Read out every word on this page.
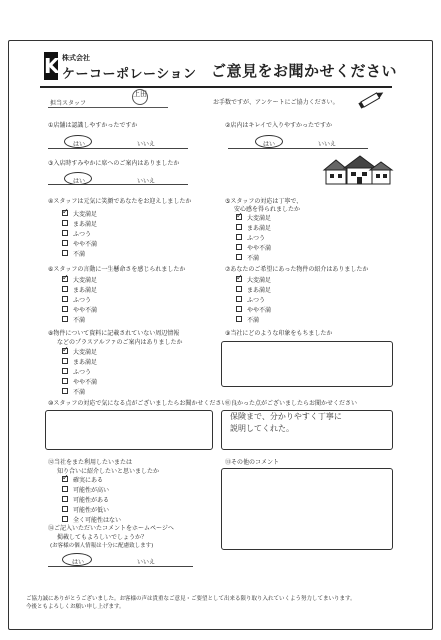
K 株式会社
ケーコーポレーション ご意見をお聞かせください
担当スタッフ
上田
お手数ですが、アンケートにご協力ください。
①店舗は認識しやすかったですか
はい	いいえ
②店内はキレイで入りやすかったですか
はい	いいえ
③入店時すみやかに席へのご案内はありましたか
はい	いいえ
④スタッフは元気に笑顔であなたをお迎えしましたか
✓
大変満足
まあ満足
ふつう
やや不満
不満
⑤スタッフの対応は丁寧で、
安心感を得られましたか
✓
大変満足
まあ満足
ふつう
やや不満
不満
⑥スタッフの言動に一生懸命さを感じられましたか
✓
大変満足
まあ満足
ふつう
やや不満
不満
⑦あなたのご希望にあった物件の紹介はありましたか
✓
大変満足
まあ満足
ふつう
やや不満
不満
⑧物件について資料に記載されていない周辺情報
などのプラスアルファのご案内はありましたか
✓
大変満足
まあ満足
ふつう
やや不満
不満
⑨当社にどのような印象をもちましたか
⑩スタッフの対応で気になる点がございましたらお聞かせください
⑪良かった点がございましたらお聞かせください
保険まで、分かりやすく丁寧に
説明してくれた。
⑫当社をまた利用したいまたは
知り合いに紹介したいと思いましたか
✓
確実にある
可能性が高い
可能性がある
可能性が低い
全く可能性はない
⑬その他のコメント
⑭ご記入いただいたコメントをホームページへ
掲載してもよろしいでしょうか？
(お客様の個人情報は十分に配慮致します)
はい	いいえ
ご協力誠にありがとうございました。お客様の声は貴重なご意見・ご要望として出来る限り取り入れていくよう努力してまいります。
今後ともよろしくお願い申し上げます。
